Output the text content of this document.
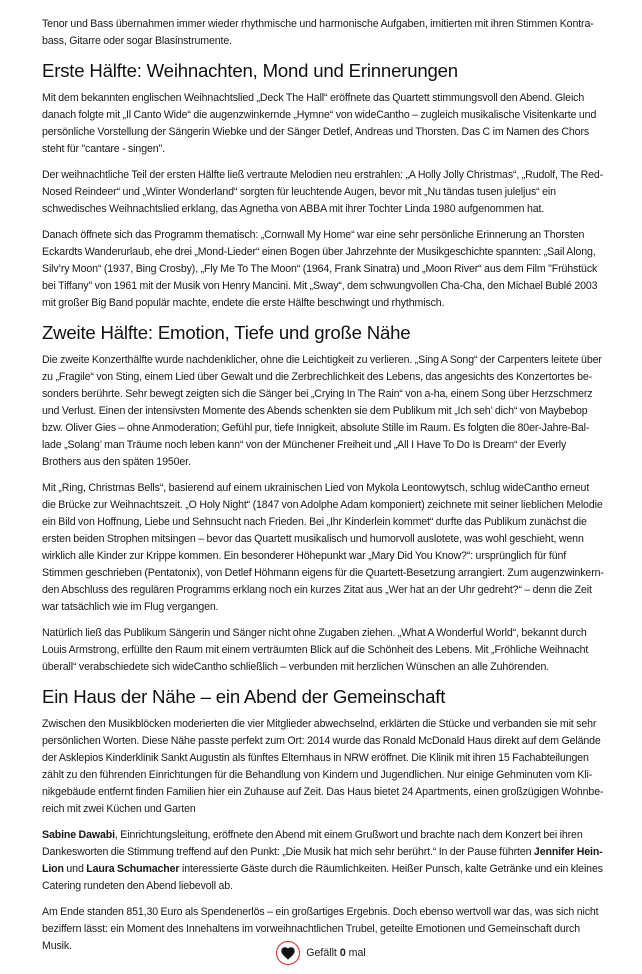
Tenor und Bass übernahmen immer wieder rhythmische und harmonische Aufgaben, imitierten mit ihren Stimmen Kontrabass, Gitarre oder sogar Blasinstrumente.

Erste Hälfte: Weihnachten, Mond und Erinnerungen

Mit dem bekannten englischen Weihnachtslied „Deck The Hall“ eröffnete das Quartett stimmungsvoll den Abend. Gleich danach folgte mit „Il Canto Wide“ die augenzwinkernde „Hymne“ von wideCantho – zugleich musikalische Visitenkarte und persönliche Vorstellung der Sängerin Wiebke und der Sänger Detlef, Andreas und Thorsten. Das C im Namen des Chors steht für "cantare - singen".

Der weihnachtliche Teil der ersten Hälfte ließ vertraute Melodien neu erstrahlen: „A Holly Jolly Christmas“, „Rudolf, The Red-Nosed Reindeer“ und „Winter Wonderland“ sorgten für leuchtende Augen, bevor mit „Nu tändas tusen juleljus“ ein schwedisches Weihnachtslied erklang, das Agnetha von ABBA mit ihrer Tochter Linda 1980 aufgenommen hat.

Danach öffnete sich das Programm thematisch: „Cornwall My Home“ war eine sehr persönliche Erinnerung an Thorsten Eckardts Wanderurlaub, ehe drei „Mond-Lieder“ einen Bogen über Jahrzehnte der Musikgeschichte spannten: „Sail Along, Silv’ry Moon“ (1937, Bing Crosby), „Fly Me To The Moon“ (1964, Frank Sinatra) und „Moon River“ aus dem Film "Frühstück bei Tiffany" von 1961 mit der Musik von Henry Mancini. Mit „Sway“, dem schwungvollen Cha-Cha, den Michael Bublé 2003 mit großer Big Band populär machte, endete die erste Hälfte beschwingt und rhythmisch.

Zweite Hälfte: Emotion, Tiefe und große Nähe

Die zweite Konzerthälfte wurde nachdenklicher, ohne die Leichtigkeit zu verlieren. „Sing A Song“ der Carpenters leitete über zu „Fragile“ von Sting, einem Lied über Gewalt und die Zerbrechlichkeit des Lebens, das angesichts des Konzertortes besonders berührte. Sehr bewegt zeigten sich die Sänger bei „Crying In The Rain“ von a-ha, einem Song über Herzschmerz und Verlust. Einen der intensivsten Momente des Abends schenkten sie dem Publikum mit „Ich seh’ dich“ von Maybebop bzw. Oliver Gies – ohne Anmoderation; Gefühl pur, tiefe Innigkeit, absolute Stille im Raum. Es folgten die 80er-Jahre-Ballade „Solang’ man Träume noch leben kann“ von der Münchener Freiheit und „All I Have To Do Is Dream“ der Everly Brothers aus den späten 1950er.

Mit „Ring, Christmas Bells“, basierend auf einem ukrainischen Lied von Mykola Leontowytsch, schlug wideCantho erneut die Brücke zur Weihnachtszeit. „O Holy Night“ (1847 von Adolphe Adam komponiert) zeichnete mit seiner lieblichen Melodie ein Bild von Hoffnung, Liebe und Sehnsucht nach Frieden. Bei „Ihr Kinderlein kommet“ durfte das Publikum zunächst die ersten beiden Strophen mitsingen – bevor das Quartett musikalisch und humorvoll auslotete, was wohl geschieht, wenn wirklich alle Kinder zur Krippe kommen. Ein besonderer Höhepunkt war „Mary Did You Know?“: ursprünglich für fünf Stimmen geschrieben (Pentatonix), von Detlef Höhmann eigens für die Quartett-Besetzung arrangiert. Zum augenzwinkernden Abschluss des regulären Programms erklang noch ein kurzes Zitat aus „Wer hat an der Uhr gedreht?“ – denn die Zeit war tatsächlich wie im Flug vergangen.

Natürlich ließ das Publikum Sängerin und Sänger nicht ohne Zugaben ziehen. „What A Wonderful World“, bekannt durch Louis Armstrong, erfüllte den Raum mit einem verträumten Blick auf die Schönheit des Lebens. Mit „Fröhliche Weihnacht überall“ verabschiedete sich wideCantho schließlich – verbunden mit herzlichen Wünschen an alle Zuhörenden.

Ein Haus der Nähe – ein Abend der Gemeinschaft

Zwischen den Musikblöcken moderierten die vier Mitglieder abwechselnd, erklärten die Stücke und verbanden sie mit sehr persönlichen Worten. Diese Nähe passte perfekt zum Ort: 2014 wurde das Ronald McDonald Haus direkt auf dem Gelände der Asklepios Kinderklinik Sankt Augustin als fünftes Elternhaus in NRW eröffnet. Die Klinik mit ihren 15 Fachabteilungen zählt zu den führenden Einrichtungen für die Behandlung von Kindern und Jugendlichen. Nur einige Gehminuten vom Klinikgebäude entfernt finden Familien hier ein Zuhause auf Zeit. Das Haus bietet 24 Apartments, einen großzügigen Wohnbereich mit zwei Küchen und Garten

Sabine Dawabi, Einrichtungsleitung, eröffnete den Abend mit einem Grußwort und brachte nach dem Konzert bei ihren Dankesworten die Stimmung treffend auf den Punkt: „Die Musik hat mich sehr berührt.“ In der Pause führten Jennifer Hein-Lion und Laura Schumacher interessierte Gäste durch die Räumlichkeiten. Heißer Punsch, kalte Getränke und ein kleines Catering rundeten den Abend liebevoll ab.

Am Ende standen 851,30 Euro als Spendenerlös – ein großartiges Ergebnis. Doch ebenso wertvoll war das, was sich nicht beziffern lässt: ein Moment des Innehaltens im vorweihnachtlichen Trubel, geteilte Emotionen und Gemeinschaft durch Musik.

Gefällt 0 mal
